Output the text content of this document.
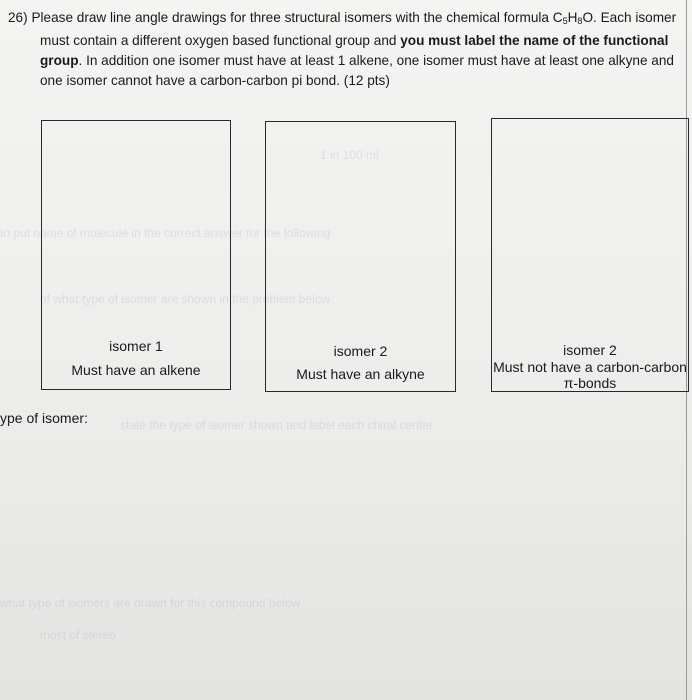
1 in 100 ml
to put name of molecule in the correct answer for the following
of what type of isomer are shown in the problem below
state the type of isomer shown and label each chiral center
what type of isomers are drawn for this compound below
most of stereo

26) Please draw line angle drawings for three structural isomers with the chemical formula $C_5H_8O$. Each isomer must contain a different oxygen based functional group and you must label the name of the functional group. In addition one isomer must have at least 1 alkene, one isomer must have at least one alkyne and one isomer cannot have a carbon-carbon pi bond. (12 pts)

isomer 1
Must have an alkene
isomer 2
Must have an alkyne
isomer 2
Must not have a carbon-carbon π-bonds
ype of isomer:
